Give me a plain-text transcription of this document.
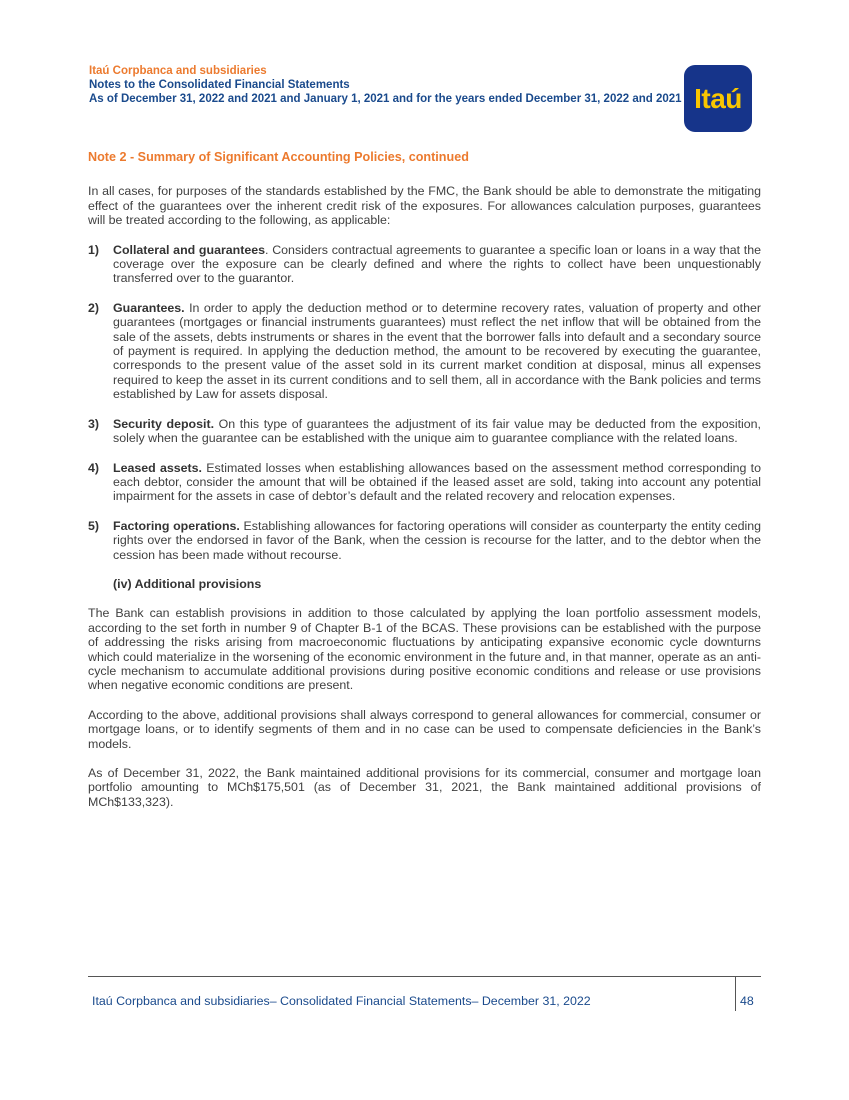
Itaú Corpbanca and subsidiaries
Notes to the Consolidated Financial Statements
As of December 31, 2022 and 2021 and January 1, 2021 and for the years ended December 31, 2022 and 2021 Itaú
Note 2 - Summary of Significant Accounting Policies, continued

In all cases, for purposes of the standards established by the FMC, the Bank should be able to demonstrate the mitigating effect of the guarantees over the inherent credit risk of the exposures. For allowances calculation purposes, guarantees will be treated according to the following, as applicable:

1)	Collateral and guarantees. Considers contractual agreements to guarantee a specific loan or loans in a way that the coverage over the exposure can be clearly defined and where the rights to collect have been unquestionably transferred over to the guarantor.
2)	Guarantees. In order to apply the deduction method or to determine recovery rates, valuation of property and other guarantees (mortgages or financial instruments guarantees) must reflect the net inflow that will be obtained from the sale of the assets, debts instruments or shares in the event that the borrower falls into default and a secondary source of payment is required. In applying the deduction method, the amount to be recovered by executing the guarantee, corresponds to the present value of the asset sold in its current market condition at disposal, minus all expenses required to keep the asset in its current conditions and to sell them, all in accordance with the Bank policies and terms established by Law for assets disposal.
3)	Security deposit. On this type of guarantees the adjustment of its fair value may be deducted from the exposition, solely when the guarantee can be established with the unique aim to guarantee compliance with the related loans.
4)	Leased assets. Estimated losses when establishing allowances based on the assessment method corresponding to each debtor, consider the amount that will be obtained if the leased asset are sold, taking into account any potential impairment for the assets in case of debtor’s default and the related recovery and relocation expenses.
5)	Factoring operations. Establishing allowances for factoring operations will consider as counterparty the entity ceding rights over the endorsed in favor of the Bank, when the cession is recourse for the latter, and to the debtor when the cession has been made without recourse.
(iv) Additional provisions

The Bank can establish provisions in addition to those calculated by applying the loan portfolio assessment models, according to the set forth in number 9 of Chapter B-1 of the BCAS. These provisions can be established with the purpose of addressing the risks arising from macroeconomic fluctuations by anticipating expansive economic cycle downturns which could materialize in the worsening of the economic environment in the future and, in that manner, operate as an anti-cycle mechanism to accumulate additional provisions during positive economic conditions and release or use provisions when negative economic conditions are present.

According to the above, additional provisions shall always correspond to general allowances for commercial, consumer or mortgage loans, or to identify segments of them and in no case can be used to compensate deficiencies in the Bank’s models.

As of December 31, 2022, the Bank maintained additional provisions for its commercial, consumer and mortgage loan portfolio amounting to MCh$175,501 (as of December 31, 2021, the Bank maintained additional provisions of MCh$133,323).

Itaú Corpbanca and subsidiaries– Consolidated Financial Statements– December 31, 2022	48
